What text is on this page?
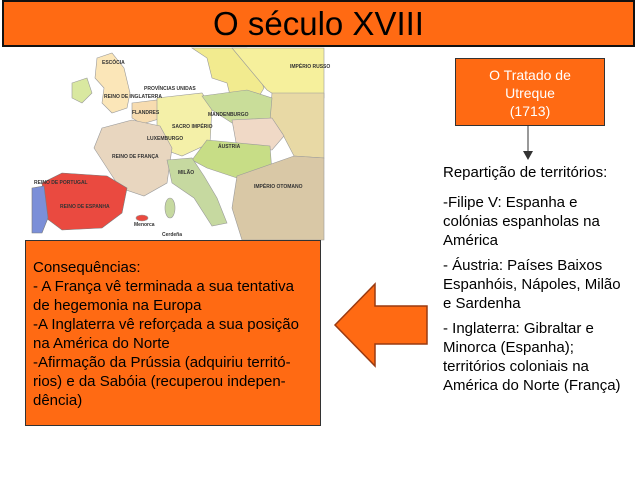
O século XVIII
ESCÓCIA
REINO DE INGLATERRA
PROVÍNCIAS UNIDAS
FLANDRES
SACRO IMPÉRIO
MANDENBURGO
ÁUSTRIA
LUXEMBURGO
REINO DE FRANÇA
REINO DE PORTUGAL
REINO DE ESPANHA
MILÃO
IMPÉRIO OTOMANO
IMPÉRIO RUSSO
Menorca
Cerdeña
O Tratado de
Utreque
(1713)

Repartição de territórios:

-Filipe V: Espanha e colónias espanholas na América

- Áustria: Países Baixos Espanhóis, Nápoles, Milão e Sardenha

- Inglaterra: Gibraltar e Minorca (Espanha); territórios coloniais na América do Norte (França)

Consequências:
- A França vê terminada a sua tentativa de hegemonia na Europa
-A Inglaterra vê reforçada a sua posição na América do Norte
-Afirmação da Prússia (adquiriu territó-rios) e da Sabóia (recuperou indepen-dência)
